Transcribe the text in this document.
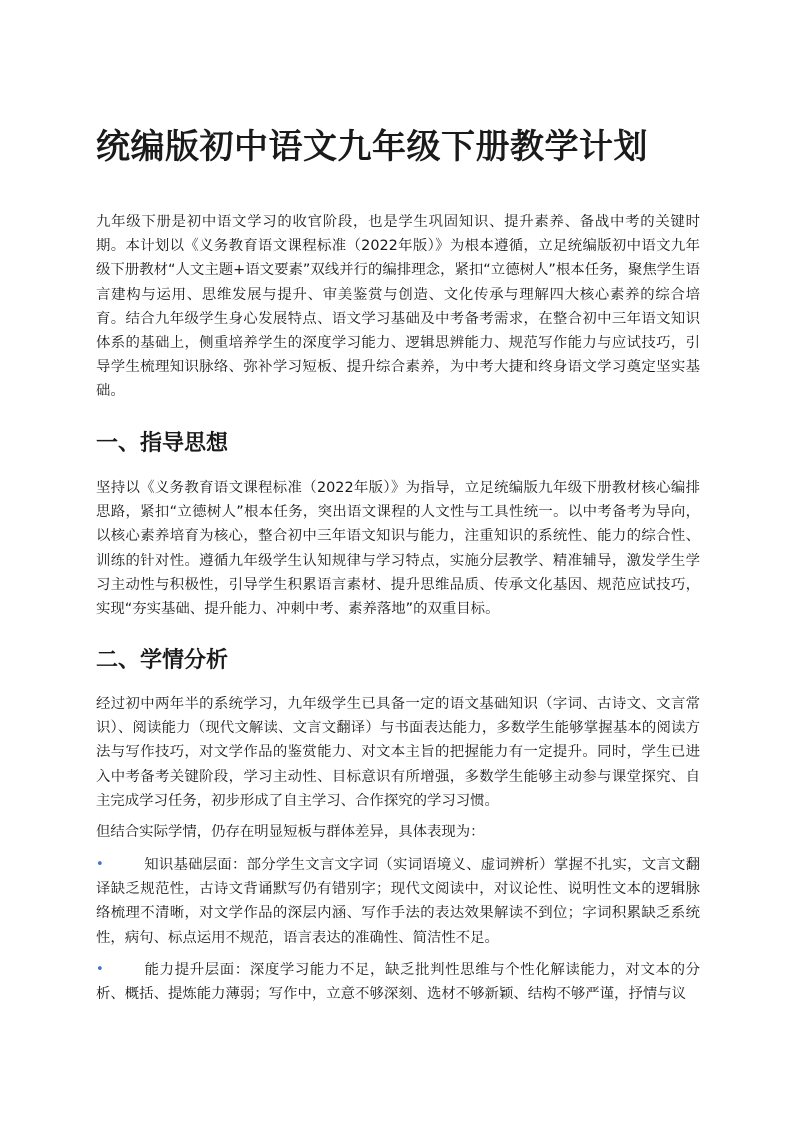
统编版初中语文九年级下册教学计划

九年级下册是初中语文学习的收官阶段，也是学生巩固知识、提升素养、备战中考的关键时期。本计划以《义务教育语文课程标准（2022年版）》为根本遵循，立足统编版初中语文九年级下册教材“人文主题+语文要素”双线并行的编排理念，紧扣“立德树人”根本任务，聚焦学生语言建构与运用、思维发展与提升、审美鉴赏与创造、文化传承与理解四大核心素养的综合培育。结合九年级学生身心发展特点、语文学习基础及中考备考需求，在整合初中三年语文知识体系的基础上，侧重培养学生的深度学习能力、逻辑思辨能力、规范写作能力与应试技巧，引导学生梳理知识脉络、弥补学习短板、提升综合素养，为中考大捷和终身语文学习奠定坚实基础。

一、指导思想

坚持以《义务教育语文课程标准（2022年版）》为指导，立足统编版九年级下册教材核心编排思路，紧扣“立德树人”根本任务，突出语文课程的人文性与工具性统一。以中考备考为导向，以核心素养培育为核心，整合初中三年语文知识与能力，注重知识的系统性、能力的综合性、训练的针对性。遵循九年级学生认知规律与学习特点，实施分层教学、精准辅导，激发学生学习主动性与积极性，引导学生积累语言素材、提升思维品质、传承文化基因、规范应试技巧，实现“夯实基础、提升能力、冲刺中考、素养落地”的双重目标。

二、学情分析

经过初中两年半的系统学习，九年级学生已具备一定的语文基础知识（字词、古诗文、文言常识）、阅读能力（现代文解读、文言文翻译）与书面表达能力，多数学生能够掌握基本的阅读方法与写作技巧，对文学作品的鉴赏能力、对文本主旨的把握能力有一定提升。同时，学生已进入中考备考关键阶段，学习主动性、目标意识有所增强，多数学生能够主动参与课堂探究、自主完成学习任务，初步形成了自主学习、合作探究的学习习惯。

但结合实际学情，仍存在明显短板与群体差异，具体表现为：

•	知识基础层面：部分学生文言文字词（实词语境义、虚词辨析）掌握不扎实，文言文翻译缺乏规范性，古诗文背诵默写仍有错别字；现代文阅读中，对议论性、说明性文本的逻辑脉络梳理不清晰，对文学作品的深层内涵、写作手法的表达效果解读不到位；字词积累缺乏系统性，病句、标点运用不规范，语言表达的准确性、简洁性不足。
•	能力提升层面：深度学习能力不足，缺乏批判性思维与个性化解读能力，对文本的分析、概括、提炼能力薄弱；写作中，立意不够深刻、选材不够新颖、结构不够严谨，抒情与议
